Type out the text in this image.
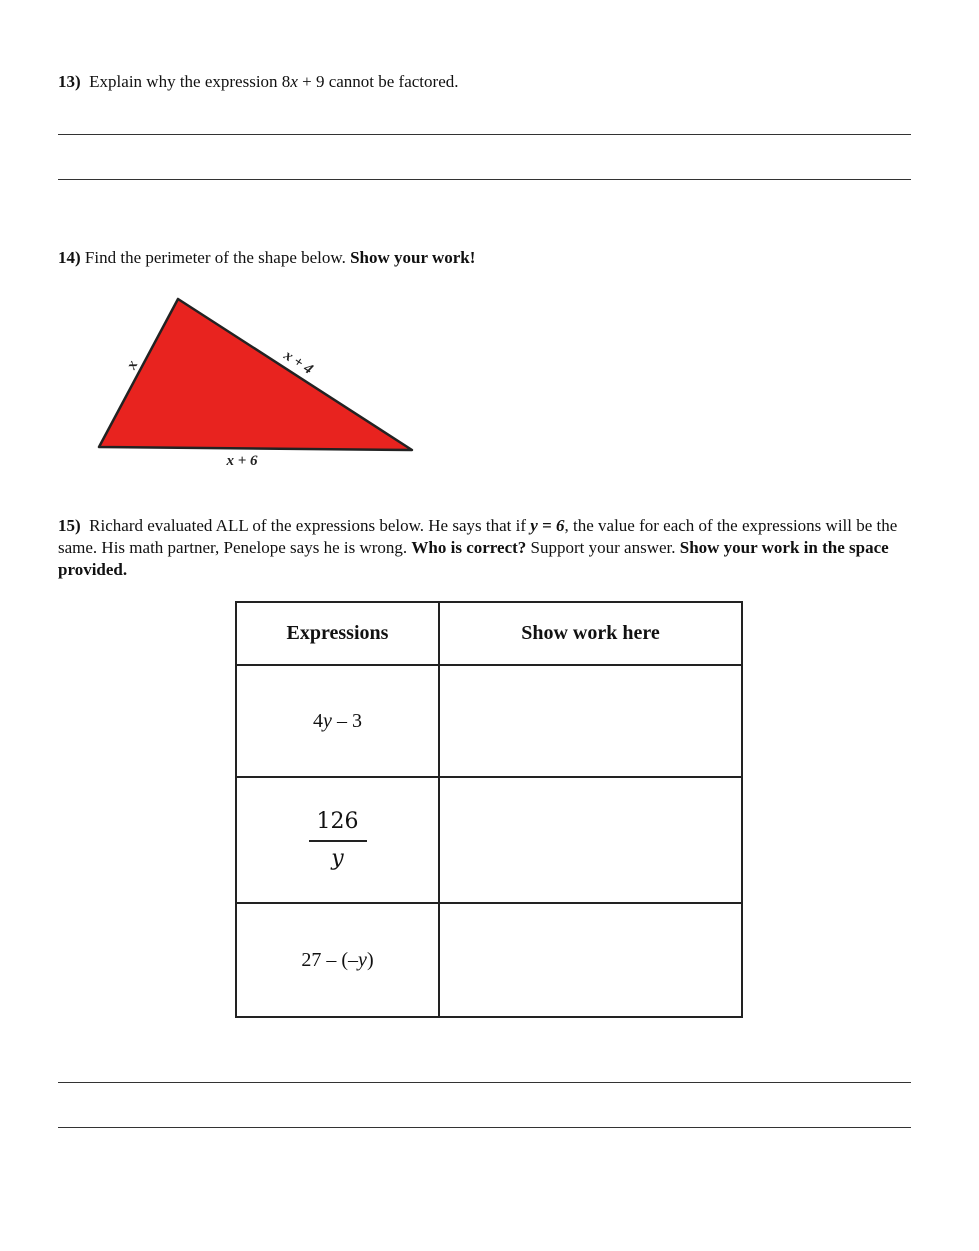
13) Explain why the expression 8x + 9 cannot be factored.
14) Find the perimeter of the shape below. Show your work!
x	x + 4
x + 6
15) Richard evaluated ALL of the expressions below. He says that if y = 6, the value for each of the expressions will be the same. His math partner, Penelope says he is wrong. Who is correct? Support your answer. Show your work in the space provided.
Expressions	Show work here
4y – 3	

$\frac{126}{y}$

27 – (–y)	
